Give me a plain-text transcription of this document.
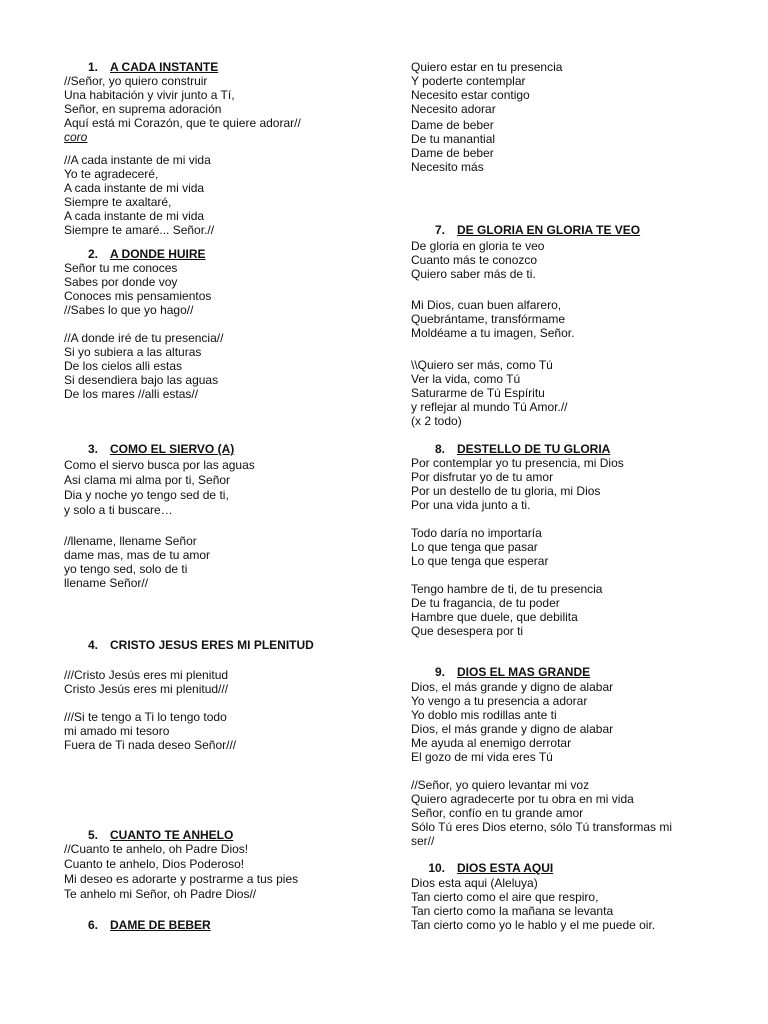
1. A CADA INSTANTE
//Señor, yo quiero construir
Una habitación y vivir junto a Tí,
Señor, en suprema adoración
Aquí está mi Corazón, que te quiere adorar//
coro
//A cada instante de mi vida
Yo te agradeceré,
A cada instante de mi vida
Siempre te axaltaré,
A cada instante de mi vida
Siempre te amaré... Señor.//
2. A DONDE HUIRE
Señor tu me conoces
Sabes por donde voy
Conoces mis pensamientos
//Sabes lo que yo hago//
//A donde iré de tu presencia//
Si yo subiera a las alturas
De los cielos alli estas
Si desendiera bajo las aguas
De los mares //alli estas//
3. COMO EL SIERVO (A)
Como el siervo busca por las aguas
Asi clama mi alma por ti, Señor
Dia y noche yo tengo sed de ti,
y solo a ti buscare…
//llename, llename Señor
dame mas, mas de tu amor
yo tengo sed, solo de ti
llename Señor//
4. CRISTO JESUS ERES MI PLENITUD
///Cristo Jesús eres mi plenitud
Cristo Jesús eres mi plenitud///
///Si te tengo a Ti lo tengo todo
mi amado mi tesoro
Fuera de Ti nada deseo Señor///
5. CUANTO TE ANHELO
//Cuanto te anhelo, oh Padre Dios!
Cuanto te anhelo, Dios Poderoso!
Mi deseo es adorarte y postrarme a tus pies
Te anhelo mi Señor, oh Padre Dios//
6. DAME DE BEBER
Quiero estar en tu presencia
Y poderte contemplar
Necesito estar contigo
Necesito adorar
Dame de beber
De tu manantial
Dame de beber
Necesito más
7. DE GLORIA EN GLORIA TE VEO
De gloria en gloria te veo
Cuanto más te conozco
Quiero saber más de ti.
Mi Dios, cuan buen alfarero,
Quebrántame, transfórmame
Moldéame a tu imagen, Señor.
\\Quiero ser más, como Tú
Ver la vida, como Tú
Saturarme de Tú Espíritu
y reflejar al mundo Tú Amor.//
(x 2 todo)
8. DESTELLO DE TU GLORIA
Por contemplar yo tu presencia, mi Dios
Por disfrutar yo de tu amor
Por un destello de tu gloria, mi Dios
Por una vida junto a ti.
Todo daría no importaría
Lo que tenga que pasar
Lo que tenga que esperar
Tengo hambre de ti, de tu presencia
De tu fragancia, de tu poder
Hambre que duele, que debilita
Que desespera por ti
9. DIOS EL MAS GRANDE
Dios, el más grande y digno de alabar
Yo vengo a tu presencia a adorar
Yo doblo mis rodillas ante ti
Dios, el más grande y digno de alabar
Me ayuda al enemigo derrotar
El gozo de mi vida eres Tú
//Señor, yo quiero levantar mi voz
Quiero agradecerte por tu obra en mi vida
Señor, confío en tu grande amor
Sólo Tú eres Dios eterno, sólo Tú transformas mi
ser//
10. DIOS ESTA AQUI
Dios esta aqui (Aleluya)
Tan cierto como el aire que respiro,
Tan cierto como la mañana se levanta
Tan cierto como yo le hablo y el me puede oir.
